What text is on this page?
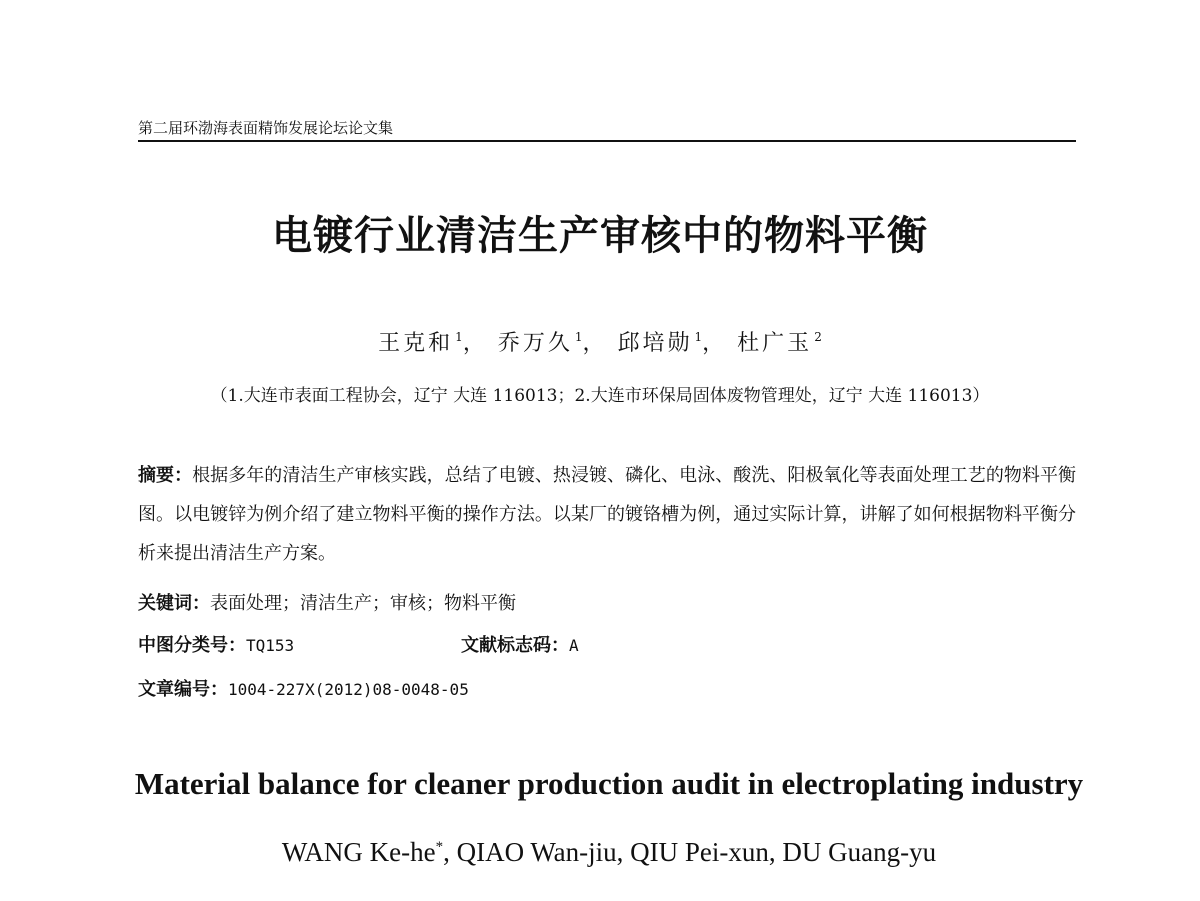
第二届环渤海表面精饰发展论坛论文集
电镀行业清洁生产审核中的物料平衡
王克和 $^1$， 乔万久 $^1$， 邱培勋 $^1$， 杜广玉 $^2$
（1.大连市表面工程协会，辽宁 大连 116013；2.大连市环保局固体废物管理处，辽宁 大连 116013）
摘要：根据多年的清洁生产审核实践，总结了电镀、热浸镀、磷化、电泳、酸洗、阳极氧化等表面处理工艺的物料平衡图。以电镀锌为例介绍了建立物料平衡的操作方法。以某厂的镀铬槽为例，通过实际计算，讲解了如何根据物料平衡分析来提出清洁生产方案。
关键词：表面处理；清洁生产；审核；物料平衡
中图分类号：TQ153	文献标志码：A
文章编号：1004-227X(2012)08-0048-05
Material balance for cleaner production audit in electroplating industry
WANG Ke-he*, QIAO Wan-jiu, QIU Pei-xun, DU Guang-yu
